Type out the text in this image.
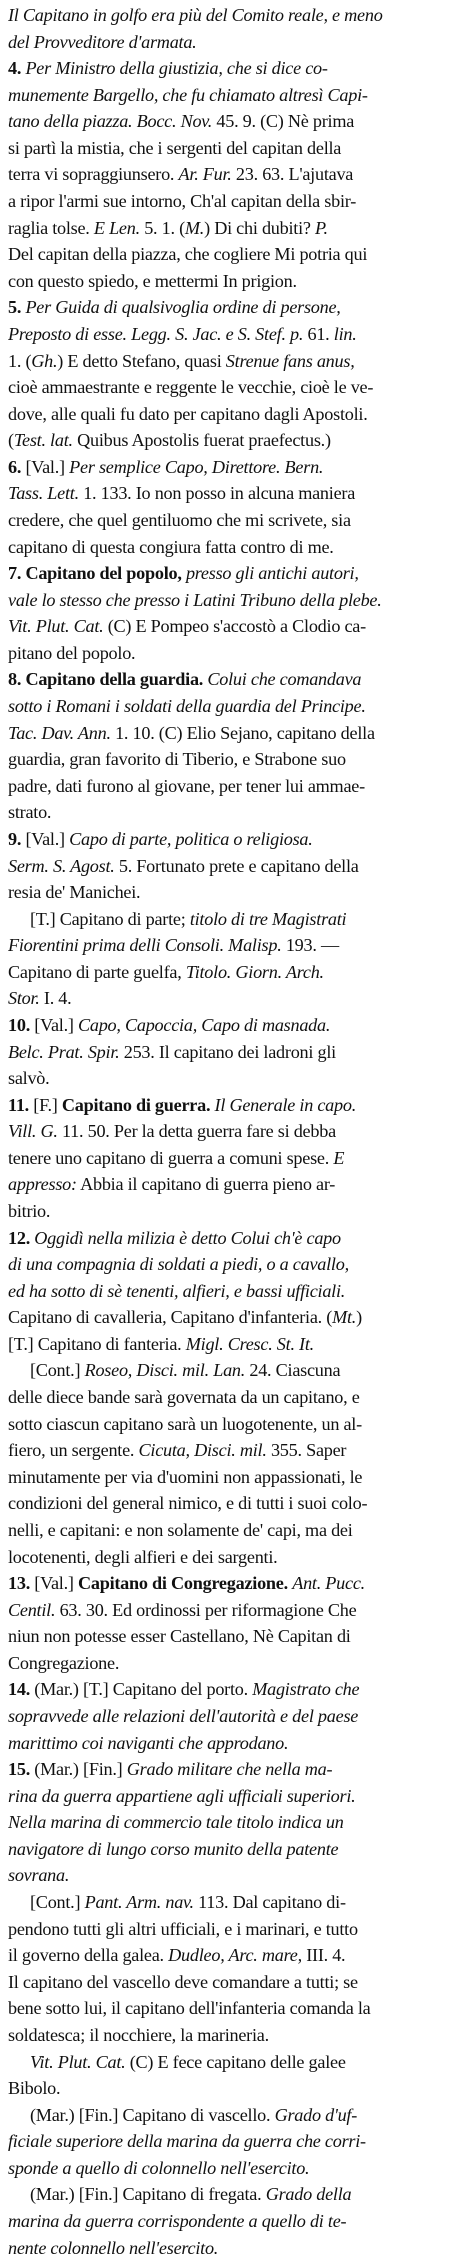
Il Capitano in golfo era più del Comito reale, e meno
del Provveditore d'armata.
4. Per Ministro della giustizia, che si dice co-
munemente Bargello, che fu chiamato altresì Capi-
tano della piazza. Bocc. Nov. 45. 9. (C) Nè prima
si partì la mistia, che i sergenti del capitan della
terra vi sopraggiunsero. Ar. Fur. 23. 63. L'ajutava
a ripor l'armi sue intorno, Ch'al capitan della sbir-
raglia tolse. E Len. 5. 1. (M.) Di chi dubiti? P.
Del capitan della piazza, che cogliere Mi potria qui
con questo spiedo, e mettermi In prigion.
5. Per Guida di qualsivoglia ordine di persone,
Preposto di esse. Legg. S. Jac. e S. Stef. p. 61. lin.
1. (Gh.) E detto Stefano, quasi Strenue fans anus,
cioè ammaestrante e reggente le vecchie, cioè le ve-
dove, alle quali fu dato per capitano dagli Apostoli.
(Test. lat. Quibus Apostolis fuerat praefectus.)
6. [Val.] Per semplice Capo, Direttore. Bern.
Tass. Lett. 1. 133. Io non posso in alcuna maniera
credere, che quel gentiluomo che mi scrivete, sia
capitano di questa congiura fatta contro di me.
7. Capitano del popolo, presso gli antichi autori,
vale lo stesso che presso i Latini Tribuno della plebe.
Vit. Plut. Cat. (C) E Pompeo s'accostò a Clodio ca-
pitano del popolo.
8. Capitano della guardia. Colui che comandava
sotto i Romani i soldati della guardia del Principe.
Tac. Dav. Ann. 1. 10. (C) Elio Sejano, capitano della
guardia, gran favorito di Tiberio, e Strabone suo
padre, dati furono al giovane, per tener lui ammae-
strato.
9. [Val.] Capo di parte, politica o religiosa.
Serm. S. Agost. 5. Fortunato prete e capitano della
resia de' Manichei.
[T.] Capitano di parte; titolo di tre Magistrati
Fiorentini prima delli Consoli. Malisp. 193. —
Capitano di parte guelfa, Titolo. Giorn. Arch.
Stor. I. 4.
10. [Val.] Capo, Capoccia, Capo di masnada.
Belc. Prat. Spir. 253. Il capitano dei ladroni gli
salvò.
11. [F.] Capitano di guerra. Il Generale in capo.
Vill. G. 11. 50. Per la detta guerra fare si debba
tenere uno capitano di guerra a comuni spese. E
appresso: Abbia il capitano di guerra pieno ar-
bitrio.
12. Oggidì nella milizia è detto Colui ch'è capo
di una compagnia di soldati a piedi, o a cavallo,
ed ha sotto di sè tenenti, alfieri, e bassi ufficiali.
Capitano di cavalleria, Capitano d'infanteria. (Mt.)
[T.] Capitano di fanteria. Migl. Cresc. St. It.
[Cont.] Roseo, Disci. mil. Lan. 24. Ciascuna
delle diece bande sarà governata da un capitano, e
sotto ciascun capitano sarà un luogotenente, un al-
fiero, un sergente. Cicuta, Disci. mil. 355. Saper
minutamente per via d'uomini non appassionati, le
condizioni del general nimico, e di tutti i suoi colo-
nelli, e capitani: e non solamente de' capi, ma dei
locotenenti, degli alfieri e dei sargenti.
13. [Val.] Capitano di Congregazione. Ant. Pucc.
Centil. 63. 30. Ed ordinossi per riformagione Che
niun non potesse esser Castellano, Nè Capitan di
Congregazione.
14. (Mar.) [T.] Capitano del porto. Magistrato che
sopravvede alle relazioni dell'autorità e del paese
marittimo coi naviganti che approdano.
15. (Mar.) [Fin.] Grado militare che nella ma-
rina da guerra appartiene agli ufficiali superiori.
Nella marina di commercio tale titolo indica un
navigatore di lungo corso munito della patente
sovrana.
[Cont.] Pant. Arm. nav. 113. Dal capitano di-
pendono tutti gli altri ufficiali, e i marinari, e tutto
il governo della galea. Dudleo, Arc. mare, III. 4.
Il capitano del vascello deve comandare a tutti; se
bene sotto lui, il capitano dell'infanteria comanda la
soldatesca; il nocchiere, la marineria.
Vit. Plut. Cat. (C) E fece capitano delle galee
Bibolo.
(Mar.) [Fin.] Capitano di vascello. Grado d'uf-
ficiale superiore della marina da guerra che corri-
sponde a quello di colonnello nell'esercito.
(Mar.) [Fin.] Capitano di fregata. Grado della
marina da guerra corrispondente a quello di te-
nente colonnello nell'esercito.
